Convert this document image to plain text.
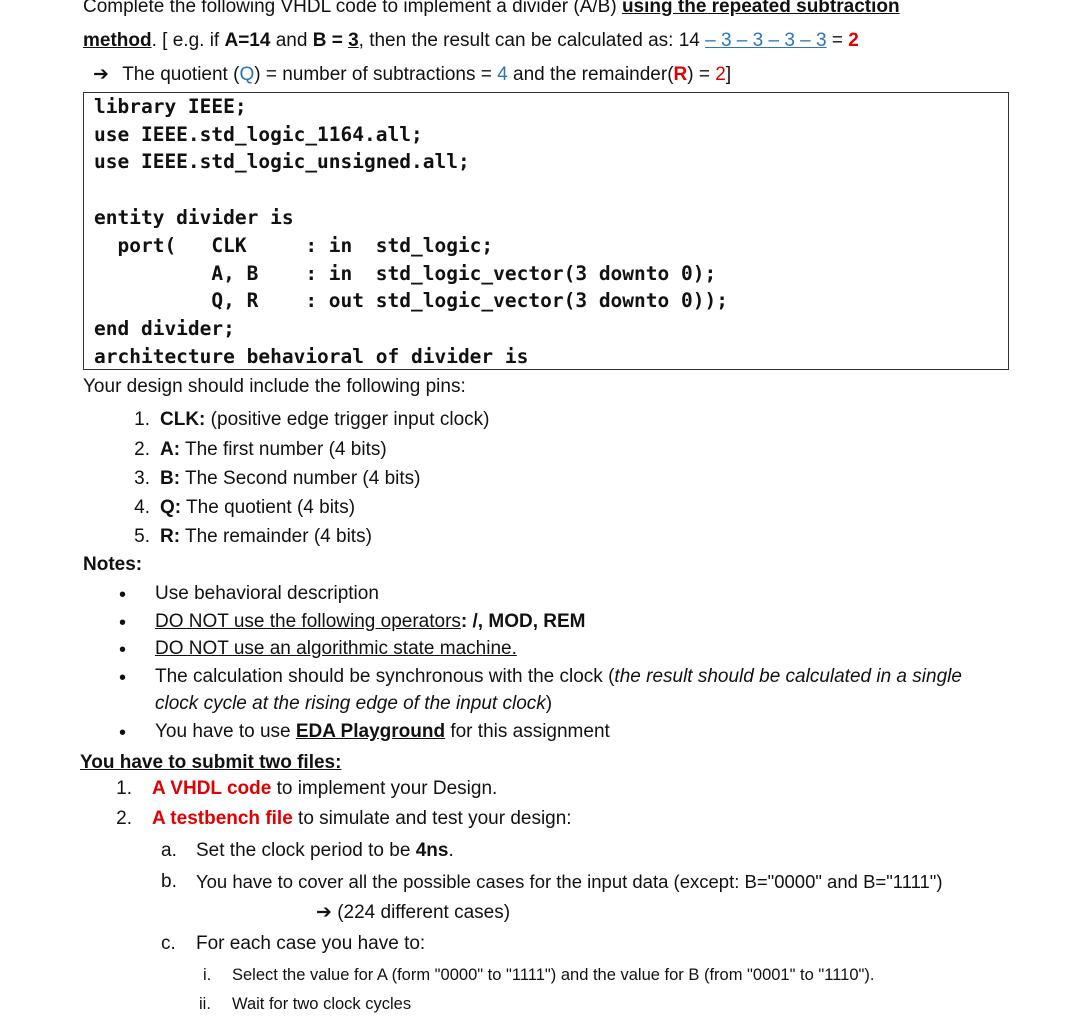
Complete the following VHDL code to implement a divider (A/B) using the repeated subtraction
method. [ e.g. if A=14 and B = 3, then the result can be calculated as: 14 – 3 – 3 – 3 – 3 = 2
➔ The quotient (Q) = number of subtractions = 4 and the remainder(R) = 2]
library IEEE;
use IEEE.std_logic_1164.all;
use IEEE.std_logic_unsigned.all;
entity divider is
port(   CLK     : in  std_logic;
A, B    : in  std_logic_vector(3 downto 0);
Q, R    : out std_logic_vector(3 downto 0));
end divider;
architecture behavioral of divider is
Your design should include the following pins:
1. CLK: (positive edge trigger input clock)
2. A: The first number (4 bits)
3. B: The Second number (4 bits)
4. Q: The quotient (4 bits)
5. R: The remainder (4 bits)
Notes:
• Use behavioral description
• DO NOT use the following operators: /, MOD, REM
• DO NOT use an algorithmic state machine.
• The calculation should be synchronous with the clock (the result should be calculated in a single
clock cycle at the rising edge of the input clock)
• You have to use EDA Playground for this assignment
You have to submit two files:
1. A VHDL code to implement your Design.
2. A testbench file to simulate and test your design:
a. Set the clock period to be 4ns.
b. You have to cover all the possible cases for the input data (except: B="0000" and B="1111")
➔ (224 different cases)
c. For each case you have to:
i. Select the value for A (form "0000" to "1111") and the value for B (from "0001" to "1110").
ii. Wait for two clock cycles
